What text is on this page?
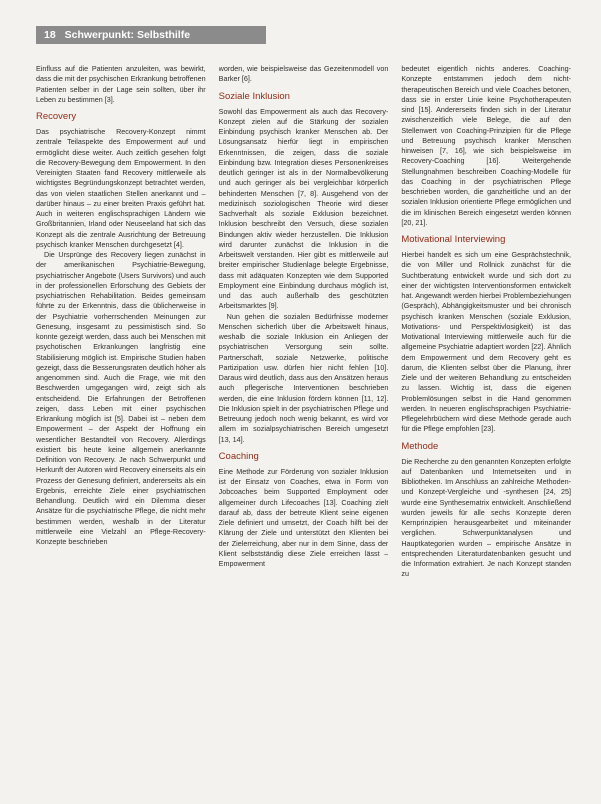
18 Schwerpunkt: Selbsthilfe

Einfluss auf die Patienten anzuleiten, was bewirkt, dass die mit der psychischen Erkrankung betroffenen Patienten selber in der Lage sein sollten, über ihr Leben zu bestimmen [3].

Recovery

Das psychiatrische Recovery-Konzept nimmt zentrale Teilaspekte des Empowerment auf und ermöglicht diese weiter. Auch zeitlich gesehen folgt die Recovery-Bewegung dem Empowerment. In den Vereinigten Staaten fand Recovery mittlerweile als wichtigstes Begründungskonzept betrachtet werden, das von vielen staatlichen Stellen anerkannt und – darüber hinaus – zu einer breiten Praxis geführt hat. Auch in weiteren englischsprachigen Ländern wie Großbritannien, Irland oder Neuseeland hat sich das Konzept als die zentrale Ausrichtung der Betreuung psychisch kranker Menschen durchgesetzt [4].

Die Ursprünge des Recovery liegen zunächst in der amerikanischen Psychiatrie-Bewegung, psychiatrischer Angebote (Users Survivors) und auch in der professionellen Erforschung des Gebiets der psychiatrischen Rehabilitation. Beides gemeinsam führte zu der Erkenntnis, dass die üblicherweise in der Psychiatrie vorherrschenden Meinungen zur Genesung, insgesamt zu pessimistisch sind. So konnte gezeigt werden, dass auch bei Menschen mit psychotischen Erkrankungen langfristig eine Stabilisierung möglich ist. Empirische Studien haben gezeigt, dass die Besserungsraten deutlich höher als angenommen sind. Auch die Frage, wie mit den Beschwerden umgegangen wird, zeigt sich als entscheidend. Die Erfahrungen der Betroffenen zeigen, dass Leben mit einer psychischen Erkrankung möglich ist [5]. Dabei ist – neben dem Empowerment – der Aspekt der Hoffnung ein wesentlicher Bestandteil von Recovery. Allerdings existiert bis heute keine allgemein anerkannte Definition von Recovery. Je nach Schwerpunkt und Herkunft der Autoren wird Recovery einerseits als ein Prozess der Genesung definiert, andererseits als ein Ergebnis, erreichte Ziele einer psychiatrischen Behandlung. Deutlich wird ein Dilemma dieser Ansätze für die psychiatrische Pflege, die nicht mehr bestimmen werden, weshalb in der Literatur mittlerweile eine Vielzahl an Pflege-Recovery-Konzepte beschrieben

worden, wie beispielsweise das Gezeitenmodell von Barker [6].

Soziale Inklusion

Sowohl das Empowerment als auch das Recovery-Konzept zielen auf die Stärkung der sozialen Einbindung psychisch kranker Menschen ab. Der Lösungsansatz hierfür liegt in empirischen Erkenntnissen, die zeigen, dass die soziale Einbindung bzw. Integration dieses Personenkreises deutlich geringer ist als in der Normalbevölkerung und auch geringer als bei vergleichbar körperlich behinderten Menschen [7, 8]. Ausgehend von der medizinisch soziologischen Theorie wird dieser Sachverhalt als soziale Exklusion bezeichnet. Inklusion beschreibt den Versuch, diese sozialen Bindungen aktiv wieder herzustellen. Die Inklusion wird darunter zunächst die Inklusion in die Arbeitswelt verstanden. Hier gibt es mittlerweile auf breiter empirischer Studienlage belegte Ergebnisse, dass mit adäquaten Konzepten wie dem Supported Employment eine Einbindung durchaus möglich ist, und das auch außerhalb des geschützten Arbeitsmarktes [9].

Nun gehen die sozialen Bedürfnisse moderner Menschen sicherlich über die Arbeitswelt hinaus, weshalb die soziale Inklusion ein Anliegen der psychiatrischen Versorgung sein sollte. Partnerschaft, soziale Netzwerke, politische Partizipation usw. dürfen hier nicht fehlen [10]. Daraus wird deutlich, dass aus den Ansätzen heraus auch pflegerische Interventionen beschrieben werden, die eine Inklusion fördern können [11, 12]. Die Inklusion spielt in der psychiatrischen Pflege und Betreuung jedoch noch wenig bekannt, es wird vor allem im sozialpsychiatrischen Bereich umgesetzt [13, 14].

Coaching

Eine Methode zur Förderung von sozialer Inklusion ist der Einsatz von Coaches, etwa in Form von Jobcoaches beim Supported Employment oder allgemeiner durch Lifecoaches [13]. Coaching zielt darauf ab, dass der betreute Klient seine eigenen Ziele definiert und umsetzt, der Coach hilft bei der Klärung der Ziele und unterstützt den Klienten bei der Zielerreichung, aber nur in dem Sinne, dass der Klient selbstständig diese Ziele erreichen lässt – Empowerment

bedeutet eigentlich nichts anderes. Coaching-Konzepte entstammen jedoch dem nicht-therapeutischen Bereich und viele Coaches betonen, dass sie in erster Linie keine Psychotherapeuten sind [15]. Andererseits finden sich in der Literatur zwischenzeitlich viele Belege, die auf den Stellenwert von Coaching-Prinzipien für die Pflege und Betreuung psychisch kranker Menschen hinweisen [7, 16], wie sich beispielsweise im Recovery-Coaching [16]. Weitergehende Stellungnahmen beschreiben Coaching-Modelle für das Coaching in der psychiatrischen Pflege beschrieben worden, die ganzheitliche und an der sozialen Inklusion orientierte Pflege ermöglichen und die im klinischen Bereich eingesetzt werden können [20, 21].

Motivational Interviewing

Hierbei handelt es sich um eine Gesprächstechnik, die von Miller und Rollnick zunächst für die Suchtberatung entwickelt wurde und sich dort zu einer der wichtigsten Interventionsformen entwickelt hat. Angewandt werden hierbei Problembeziehungen (Gespräch), Abhängigkeitsmuster und bei chronisch psychisch kranken Menschen (soziale Exklusion, Motivations- und Perspektivlosigkeit) ist das Motivational Interviewing mittlerweile auch für die allgemeine Psychiatrie adaptiert worden [22]. Ähnlich dem Empowerment und dem Recovery geht es darum, die Klienten selbst über die Planung, ihrer Ziele und der weiteren Behandlung zu entscheiden zu lassen. Wichtig ist, dass die eigenen Problemlösungen selbst in die Hand genommen werden. In neueren englischsprachigen Psychiatrie-Pflegelehrbüchern wird diese Methode gerade auch für die Pflege empfohlen [23].

Methode

Die Recherche zu den genannten Konzepten erfolgte auf Datenbanken und Internetseiten und in Bibliotheken. Im Anschluss an zahlreiche Methoden- und Konzept-Vergleiche und -synthesen [24, 25] wurde eine Synthesematrix entwickelt. Anschließend wurden jeweils für alle sechs Konzepte deren Kernprinzipien herausgearbeitet und miteinander verglichen. Schwerpunktanalysen und Hauptkategorien wurden – empirische Ansätze in entsprechenden Literaturdatenbanken gesucht und die Information extrahiert. Je nach Konzept standen zu
